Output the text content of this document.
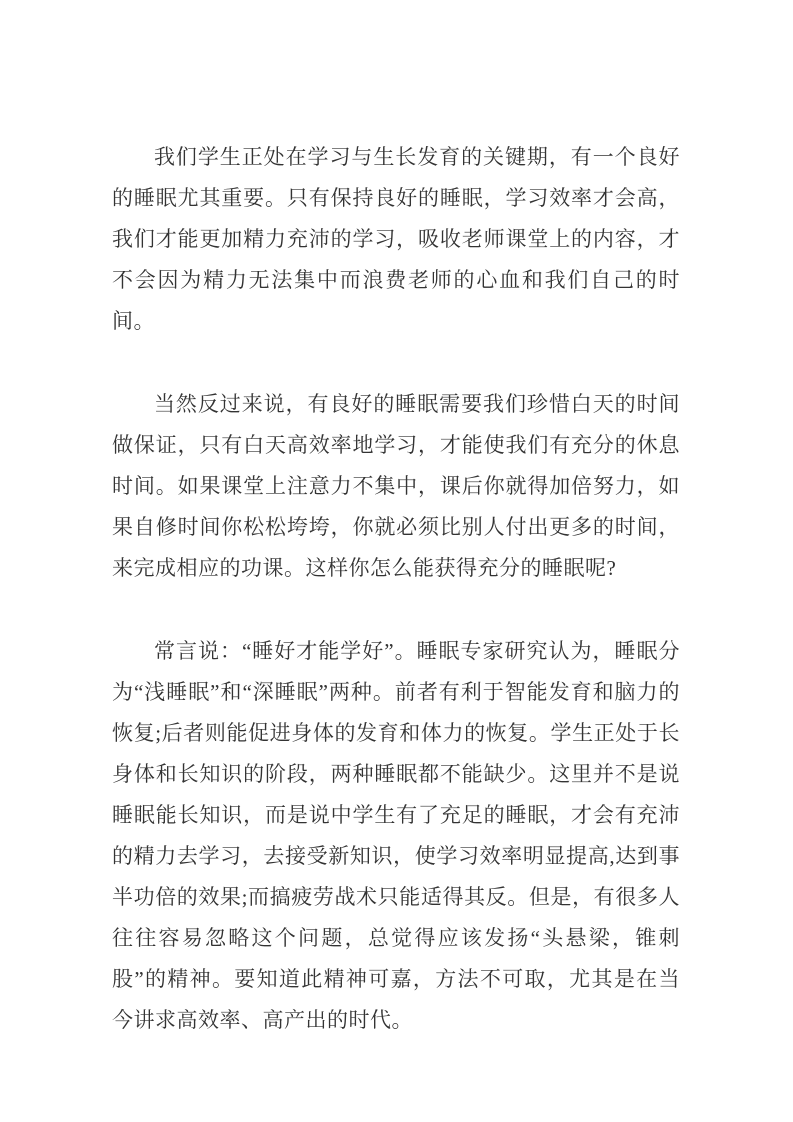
我们学生正处在学习与生长发育的关键期，有一个良好的睡眠尤其重要。只有保持良好的睡眠，学习效率才会高，我们才能更加精力充沛的学习，吸收老师课堂上的内容，才不会因为精力无法集中而浪费老师的心血和我们自己的时间。

当然反过来说，有良好的睡眠需要我们珍惜白天的时间做保证，只有白天高效率地学习，才能使我们有充分的休息时间。如果课堂上注意力不集中，课后你就得加倍努力，如果自修时间你松松垮垮，你就必须比别人付出更多的时间，来完成相应的功课。这样你怎么能获得充分的睡眠呢?

常言说：“睡好才能学好”。睡眠专家研究认为，睡眠分为“浅睡眠”和“深睡眠”两种。前者有利于智能发育和脑力的恢复;后者则能促进身体的发育和体力的恢复。学生正处于长身体和长知识的阶段，两种睡眠都不能缺少。这里并不是说睡眠能长知识，而是说中学生有了充足的睡眠，才会有充沛的精力去学习，去接受新知识，使学习效率明显提高,达到事半功倍的效果;而搞疲劳战术只能适得其反。但是，有很多人往往容易忽略这个问题，总觉得应该发扬“头悬梁，锥刺股”的精神。要知道此精神可嘉，方法不可取，尤其是在当今讲求高效率、高产出的时代。
